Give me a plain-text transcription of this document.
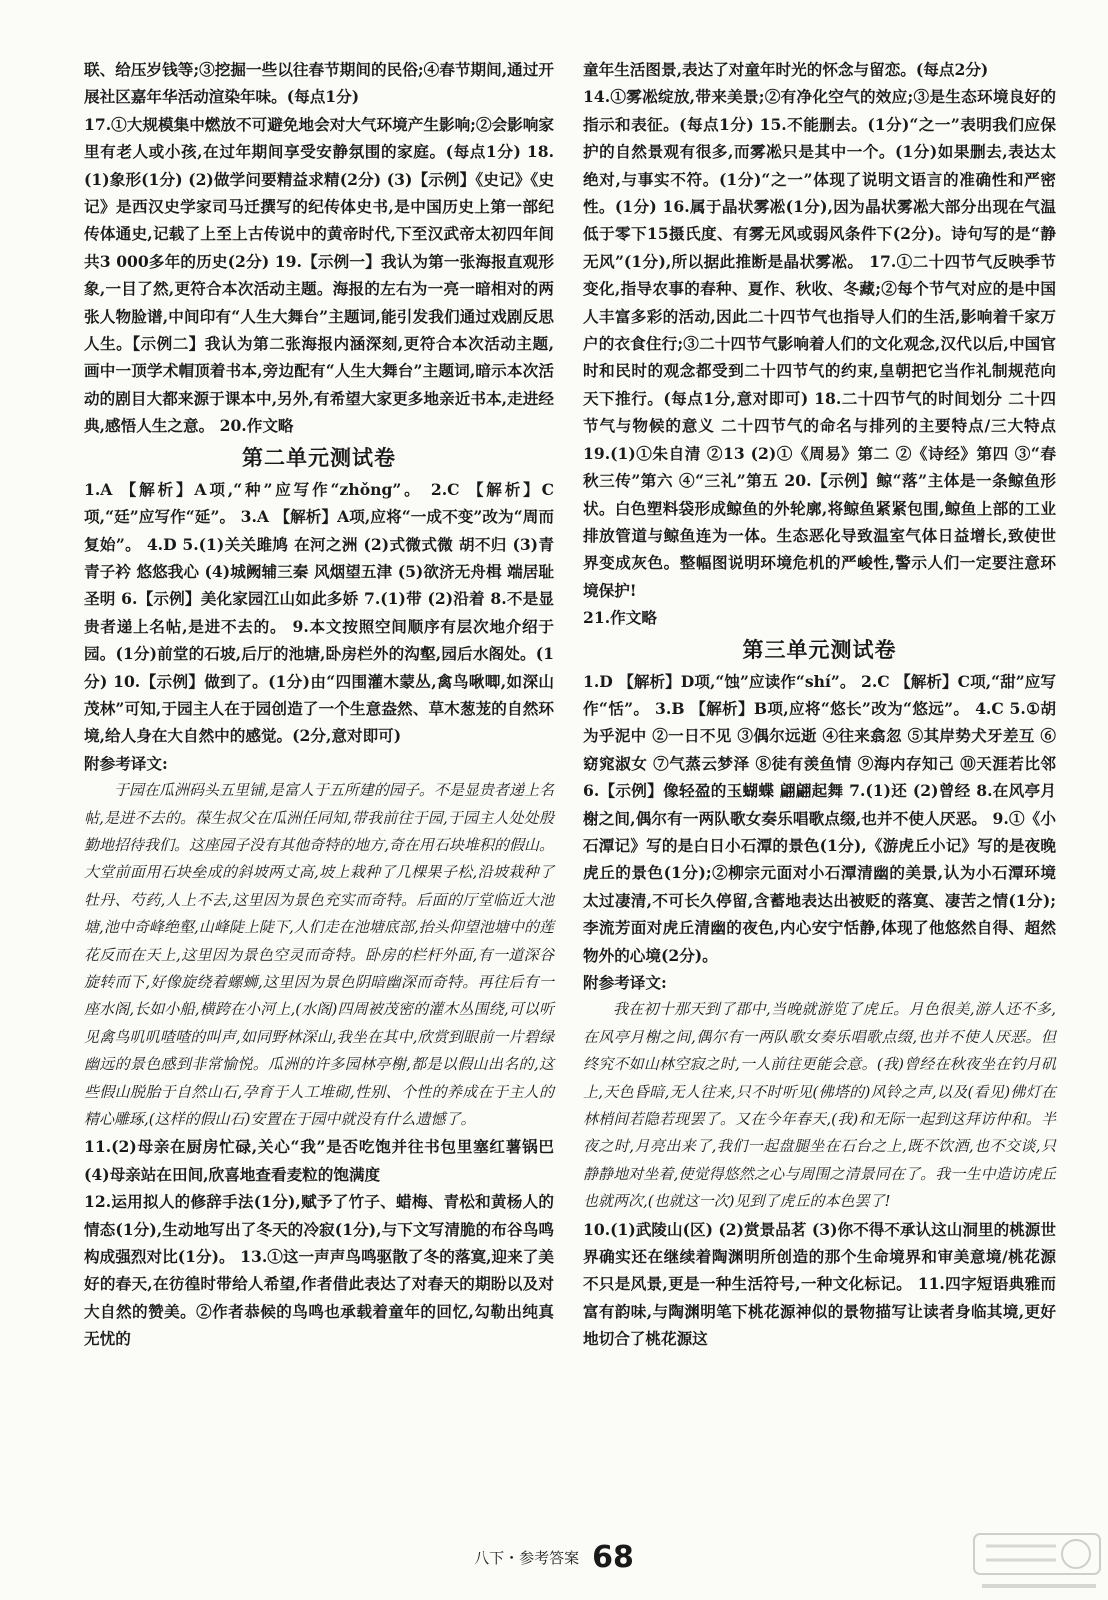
联、给压岁钱等;③挖掘一些以往春节期间的民俗;④春节期间,通过开展社区嘉年华活动渲染年味。(每点1分)

17.①大规模集中燃放不可避免地会对大气环境产生影响;②会影响家里有老人或小孩,在过年期间享受安静氛围的家庭。(每点1分) 18.(1)象形(1分) (2)做学问要精益求精(2分) (3)【示例】《史记》《史记》是西汉史学家司马迁撰写的纪传体史书,是中国历史上第一部纪传体通史,记载了上至上古传说中的黄帝时代,下至汉武帝太初四年间共3 000多年的历史(2分) 19.【示例一】我认为第一张海报直观形象,一目了然,更符合本次活动主题。海报的左右为一亮一暗相对的两张人物脸谱,中间印有“人生大舞台”主题词,能引发我们通过戏剧反思人生。【示例二】我认为第二张海报内涵深刻,更符合本次活动主题,画中一顶学术帽顶着书本,旁边配有“人生大舞台”主题词,暗示本次活动的剧目大都来源于课本中,另外,有希望大家更多地亲近书本,走进经典,感悟人生之意。 20.作文略

第二单元测试卷

1.A 【解析】A项,“种”应写作“zhǒng”。 2.C 【解析】C项,“廷”应写作“延”。 3.A 【解析】A项,应将“一成不变”改为“周而复始”。 4.D 5.(1)关关雎鸠 在河之洲 (2)式微式微 胡不归 (3)青青子衿 悠悠我心 (4)城阙辅三秦 风烟望五津 (5)欲济无舟楫 端居耻圣明 6.【示例】美化家园江山如此多娇 7.(1)带 (2)沿着 8.不是显贵者递上名帖,是进不去的。 9.本文按照空间顺序有层次地介绍于园。(1分)前堂的石坡,后厅的池塘,卧房栏外的沟壑,园后水阁处。(1分) 10.【示例】做到了。(1分)由“四围灌木蒙丛,禽鸟啾唧,如深山茂林”可知,于园主人在于园创造了一个生意盎然、草木葱茏的自然环境,给人身在大自然中的感觉。(2分,意对即可)

附参考译文:

于园在瓜洲码头五里铺,是富人于五所建的园子。不是显贵者递上名帖,是进不去的。葆生叔父在瓜洲任同知,带我前往于园,于园主人处处殷勤地招待我们。这座园子没有其他奇特的地方,奇在用石块堆积的假山。大堂前面用石块垒成的斜坡两丈高,坡上栽种了几棵果子松,沿坡栽种了牡丹、芍药,人上不去,这里因为景色充实而奇特。后面的厅堂临近大池塘,池中奇峰绝壑,山峰陡上陡下,人们走在池塘底部,抬头仰望池塘中的莲花反而在天上,这里因为景色空灵而奇特。卧房的栏杆外面,有一道深谷旋转而下,好像旋绕着螺蛳,这里因为景色阴暗幽深而奇特。再往后有一座水阁,长如小船,横跨在小河上,(水阁)四周被茂密的灌木丛围绕,可以听见禽鸟叽叽喳喳的叫声,如同野林深山,我坐在其中,欣赏到眼前一片碧绿幽远的景色感到非常愉悦。瓜洲的许多园林亭榭,都是以假山出名的,这些假山脱胎于自然山石,孕育于人工堆砌,性别、个性的养成在于主人的精心雕琢,(这样的假山石)安置在于园中就没有什么遗憾了。

11.(2)母亲在厨房忙碌,关心“我”是否吃饱并往书包里塞红薯锅巴 (4)母亲站在田间,欣喜地查看麦粒的饱满度

12.运用拟人的修辞手法(1分),赋予了竹子、蜡梅、青松和黄杨人的情态(1分),生动地写出了冬天的冷寂(1分),与下文写清脆的布谷鸟鸣构成强烈对比(1分)。 13.①这一声声鸟鸣驱散了冬的落寞,迎来了美好的春天,在彷徨时带给人希望,作者借此表达了对春天的期盼以及对大自然的赞美。②作者恭候的鸟鸣也承载着童年的回忆,勾勒出纯真无忧的

童年生活图景,表达了对童年时光的怀念与留恋。(每点2分)

14.①雾凇绽放,带来美景;②有净化空气的效应;③是生态环境良好的指示和表征。(每点1分) 15.不能删去。(1分)“之一”表明我们应保护的自然景观有很多,而雾凇只是其中一个。(1分)如果删去,表达太绝对,与事实不符。(1分)“之一”体现了说明文语言的准确性和严密性。(1分) 16.属于晶状雾凇(1分),因为晶状雾凇大部分出现在气温低于零下15摄氏度、有雾无风或弱风条件下(2分)。诗句写的是“静无风”(1分),所以据此推断是晶状雾凇。 17.①二十四节气反映季节变化,指导农事的春种、夏作、秋收、冬藏;②每个节气对应的是中国人丰富多彩的活动,因此二十四节气也指导人们的生活,影响着千家万户的衣食住行;③二十四节气影响着人们的文化观念,汉代以后,中国官时和民时的观念都受到二十四节气的约束,皇朝把它当作礼制规范向天下推行。(每点1分,意对即可) 18.二十四节气的时间划分 二十四节气与物候的意义 二十四节气的命名与排列的主要特点/三大特点 19.(1)①朱自清 ②13 (2)①《周易》第二 ②《诗经》第四 ③“春秋三传”第六 ④“三礼”第五 20.【示例】鲸“落”主体是一条鲸鱼形状。白色塑料袋形成鲸鱼的外轮廓,将鲸鱼紧紧包围,鲸鱼上部的工业排放管道与鲸鱼连为一体。生态恶化导致温室气体日益增长,致使世界变成灰色。整幅图说明环境危机的严峻性,警示人们一定要注意环境保护!

21.作文略

第三单元测试卷

1.D 【解析】D项,“蚀”应读作“shí”。 2.C 【解析】C项,“甜”应写作“恬”。 3.B 【解析】B项,应将“悠长”改为“悠远”。 4.C 5.①胡为乎泥中 ②一日不见 ③偶尔远逝 ④往来翕忽 ⑤其岸势犬牙差互 ⑥窈窕淑女 ⑦气蒸云梦泽 ⑧徒有羡鱼情 ⑨海内存知己 ⑩天涯若比邻 6.【示例】像轻盈的玉蝴蝶 翩翩起舞 7.(1)还 (2)曾经 8.在风亭月榭之间,偶尔有一两队歌女奏乐唱歌点缀,也并不使人厌恶。 9.①《小石潭记》写的是白日小石潭的景色(1分),《游虎丘小记》写的是夜晚虎丘的景色(1分);②柳宗元面对小石潭清幽的美景,认为小石潭环境太过凄清,不可长久停留,含蓄地表达出被贬的落寞、凄苦之情(1分);李流芳面对虎丘清幽的夜色,内心安宁恬静,体现了他悠然自得、超然物外的心境(2分)。

附参考译文:

我在初十那天到了郡中,当晚就游览了虎丘。月色很美,游人还不多,在风亭月榭之间,偶尔有一两队歌女奏乐唱歌点缀,也并不使人厌恶。但终究不如山林空寂之时,一人前往更能会意。(我)曾经在秋夜坐在钓月矶上,天色昏暗,无人往来,只不时听见(佛塔的)风铃之声,以及(看见)佛灯在林梢间若隐若现罢了。又在今年春天,(我)和无际一起到这拜访仲和。半夜之时,月亮出来了,我们一起盘腿坐在石台之上,既不饮酒,也不交谈,只静静地对坐着,使觉得悠然之心与周围之清景同在了。我一生中造访虎丘也就两次,(也就这一次)见到了虎丘的本色罢了!

10.(1)武陵山(区) (2)赏景品茗 (3)你不得不承认这山洞里的桃源世界确实还在继续着陶渊明所创造的那个生命境界和审美意境/桃花源不只是风景,更是一种生活符号,一种文化标记。 11.四字短语典雅而富有韵味,与陶渊明笔下桃花源神似的景物描写让读者身临其境,更好地切合了桃花源这

八下・参考答案 68
